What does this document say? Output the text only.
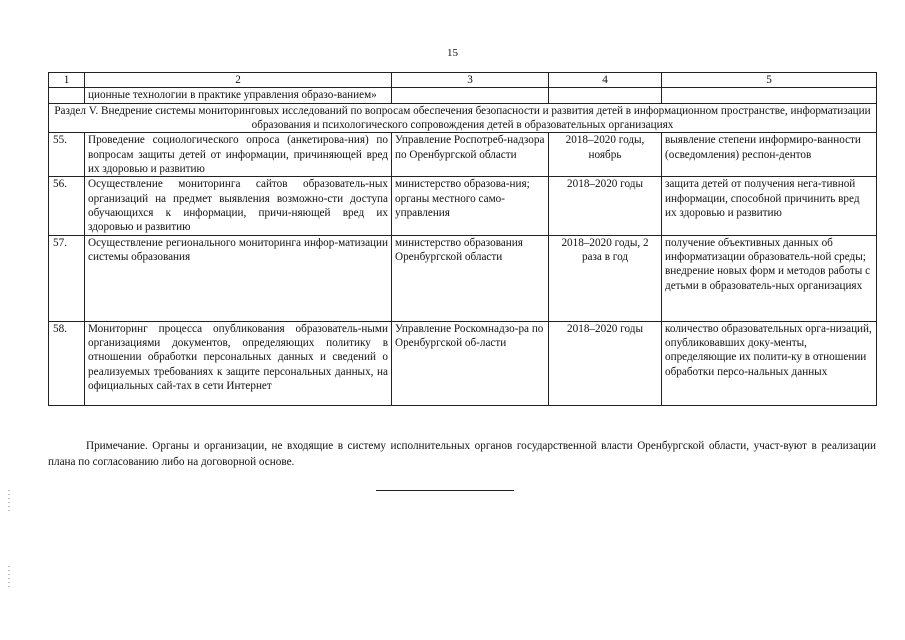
15
1	2	3	4	5
	ционные технологии в практике управления образо-ванием»			
Раздел V. Внедрение системы мониторинговых исследований по вопросам обеспечения безопасности и развития детей в информационном пространстве, информатизации образования и психологического сопровождения детей в образовательных организациях				
55.	Проведение социологического опроса (анкетирова-ния) по вопросам защиты детей от информации, причиняющей вред их здоровью и развитию	Управление Роспотреб-надзора по Оренбургской области	2018–2020 годы, ноябрь	выявление степени информиро-ванности (осведомления) респон-дентов
56.	Осуществление мониторинга сайтов образователь-ных организаций на предмет выявления возможно-сти доступа обучающихся к информации, причи-няющей вред их здоровью и развитию	министерство образова-ния; органы местного само-управления	2018–2020 годы	защита детей от получения нега-тивной информации, способной причинить вред их здоровью и развитию
57.	Осуществление регионального мониторинга инфор-матизации системы образования	министерство образования Оренбургской области	2018–2020 годы, 2 раза в год	получение объективных данных об информатизации образователь-ной среды; внедрение новых форм и методов работы с детьми в образователь-ных организациях
58.	Мониторинг процесса опубликования образователь-ными организациями документов, определяющих политику в отношении обработки персональных данных и сведений о реализуемых требованиях к защите персональных данных, на официальных сай-тах в сети Интернет	Управление Роскомнадзо-ра по Оренбургской об-ласти	2018–2020 годы	количество образовательных орга-низаций, опубликовавших доку-менты, определяющие их полити-ку в отношении обработки персо-нальных данных
Примечание. Органы и организации, не входящие в систему исполнительных органов государственной власти Оренбургской области, участ-вуют в реализации плана по согласованию либо на договорной основе.
